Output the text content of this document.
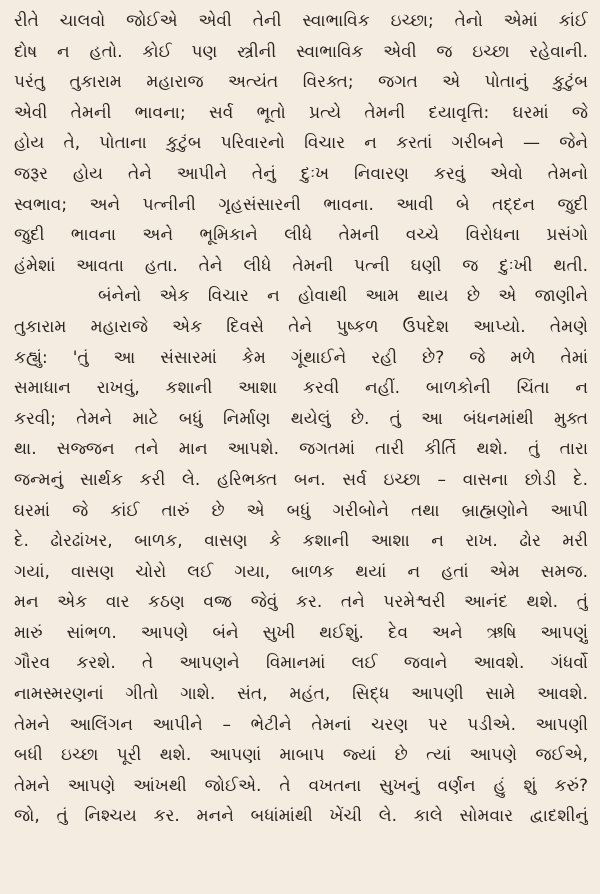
રીતે ચાલવો જોઈએ એવી તેની સ્વાભાવિક ઇચ્છા; તેનો એમાં કાંઈ
દોષ ન હતો. કોઈ પણ સ્ત્રીની સ્વાભાવિક એવી જ ઇચ્છા રહેવાની.
પરંતુ તુકારામ મહારાજ અત્યંત વિરક્ત; જગત એ પોતાનું કુટુંબ
એવી તેમની ભાવના; સર્વ ભૂતો પ્રત્યે તેમની દયાવૃત્તિ: ઘરમાં જે
હોય તે, પોતાના કુટુંબ પરિવારનો વિચાર ન કરતાં ગરીબને — જેને
જરૂર હોય તેને આપીને તેનું દુઃખ નિવારણ કરવું એવો તેમનો
સ્વભાવ; અને પત્નીની ગૃહસંસારની ભાવના. આવી બે તદ્દન જુદી
જુદી ભાવના અને ભૂમિકાને લીધે તેમની વચ્ચે વિરોધના પ્રસંગો
હંમેશાં આવતા હતા. તેને લીધે તેમની પત્ની ઘણી જ દુઃખી થતી.
બંનેનો એક વિચાર ન હોવાથી આમ થાય છે એ જાણીને
તુકારામ મહારાજે એક દિવસે તેને પુષ્કળ ઉપદેશ આપ્યો. તેમણે
કહ્યું: 'તું આ સંસારમાં કેમ ગૂંથાઈને રહી છે? જે મળે તેમાં
સમાધાન રાખવું, કશાની આશા કરવી નહીં. બાળકોની ચિંતા ન
કરવી; તેમને માટે બધું નિર્માણ થયેલું છે. તું આ બંધનમાંથી મુક્ત
થા. સજ્જન તને માન આપશે. જગતમાં તારી કીર્તિ થશે. તું તારા
જન્મનું સાર્થક કરી લે. હરિભક્ત બન. સર્વ ઇચ્છા – વાસના છોડી દે.
ઘરમાં જે કાંઈ તારું છે એ બધું ગરીબોને તથા બ્રાહ્મણોને આપી
દે. ઢોરઢાંખર, બાળક, વાસણ કે કશાની આશા ન રાખ. ઢોર મરી
ગયાં, વાસણ ચોરો લઈ ગયા, બાળક થયાં ન હતાં એમ સમજ.
મન એક વાર કઠણ વજ્ર જેવું કર. તને પરમેશ્વરી આનંદ થશે. તું
મારું સાંભળ. આપણે બંને સુખી થઈશું. દેવ અને ઋષિ આપણું
ગૌરવ કરશે. તે આપણને વિમાનમાં લઈ જવાને આવશે. ગંધર્વો
નામસ્મરણનાં ગીતો ગાશે. સંત, મહંત, સિદ્ધ આપણી સામે આવશે.
તેમને આલિંગન આપીને – ભેટીને તેમનાં ચરણ પર પડીએ. આપણી
બધી ઇચ્છા પૂરી થશે. આપણાં માબાપ જ્યાં છે ત્યાં આપણે જઈએ,
તેમને આપણે આંખથી જોઈએ. તે વખતના સુખનું વર્ણન હું શું કરું?
જો, તું નિશ્ચય કર. મનને બધાંમાંથી ખેંચી લે. કાલે સોમવાર દ્વાદશીનું
